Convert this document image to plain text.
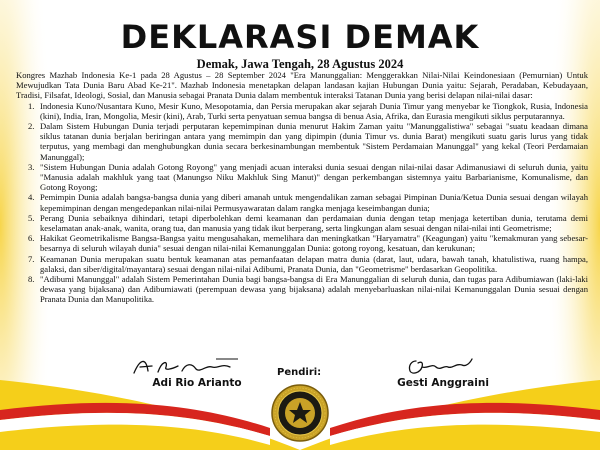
DEKLARASI DEMAK
Demak, Jawa Tengah, 28 Agustus 2024

Kongres Mazhab Indonesia Ke-1 pada 28 Agustus – 28 September 2024 "Era Manunggalian: Menggerakkan Nilai-Nilai Keindonesiaan (Pemurnian) Untuk Mewujudkan Tata Dunia Baru Abad Ke-21". Mazhab Indonesia menetapkan delapan landasan kajian Hubungan Dunia yaitu: Sejarah, Peradaban, Kebudayaan, Tradisi, Filsafat, Ideologi, Sosial, dan Manusia sebagai Pranata Dunia dalam membentuk interaksi Tatanan Dunia yang berisi delapan nilai-nilai dasar:

1. Indonesia Kuno/Nusantara Kuno, Mesir Kuno, Mesopotamia, dan Persia merupakan akar sejarah Dunia Timur yang menyebar ke Tiongkok, Rusia, Indonesia (kini), India, Iran, Mongolia, Mesir (kini), Arab, Turki serta penyatuan semua bangsa di benua Asia, Afrika, dan Eurasia mengikuti siklus perputarannya.
2. Dalam Sistem Hubungan Dunia terjadi perputaran kepemimpinan dunia menurut Hakim Zaman yaitu "Manunggalistiwa" sebagai "suatu keadaan dimana siklus tatanan dunia berjalan beriringan antara yang memimpin dan yang dipimpin (dunia Timur vs. dunia Barat) mengikuti suatu garis lurus yang tidak terputus, yang membagi dan menghubungkan dunia secara berkesinambungan membentuk "Sistem Perdamaian Manunggal" yang kekal (Teori Perdamaian Manunggal);
3. "Sistem Hubungan Dunia adalah Gotong Royong" yang menjadi acuan interaksi dunia sesuai dengan nilai-nilai dasar Adimanusiawi di seluruh dunia, yaitu "Manusia adalah makhluk yang taat (Manungso Niku Makhluk Sing Manut)" dengan perkembangan sistemnya yaitu Barbarianisme, Komunalisme, dan Gotong Royong;
4. Pemimpin Dunia adalah bangsa-bangsa dunia yang diberi amanah untuk mengendalikan zaman sebagai Pimpinan Dunia/Ketua Dunia sesuai dengan wilayah kepemimpinan dengan mengedepankan nilai-nilai Permusyawaratan dalam rangka menjaga keseimbangan dunia;
5. Perang Dunia sebaiknya dihindari, tetapi diperbolehkan demi keamanan dan perdamaian dunia dengan tetap menjaga ketertiban dunia, terutama demi keselamatan anak-anak, wanita, orang tua, dan manusia yang tidak ikut berperang, serta lingkungan alam sesuai dengan nilai-nilai inti Geometrisme;
6. Hakikat Geometrikalisme Bangsa-Bangsa yaitu mengusahakan, memelihara dan meningkatkan "Haryamatra" (Keagungan) yaitu "kemakmuran yang sebesar-besarnya di seluruh wilayah dunia" sesuai dengan nilai-nilai Kemanunggalan Dunia: gotong royong, kesatuan, dan kerukunan;
7. Keamanan Dunia merupakan suatu bentuk keamanan atas pemanfaatan delapan matra dunia (darat, laut, udara, bawah tanah, khatulistiwa, ruang hampa, galaksi, dan siber/digital/mayantara) sesuai dengan nilai-nilai Adibumi, Pranata Dunia, dan "Geometrisme" berdasarkan Geopolitika.
8. "Adibumi Manunggal" adalah Sistem Pemerintahan Dunia bagi bangsa-bangsa di Era Manunggalian di seluruh dunia, dan tugas para Adibumiawan (laki-laki dewasa yang bijaksana) dan Adibumiawati (perempuan dewasa yang bijaksana) adalah menyebarluaskan nilai-nilai Kemanunggalan Dunia sesuai dengan Pranata Dunia dan Manupolitika.
Adi Rio Arianto
Pendiri:
Gesti Anggraini
